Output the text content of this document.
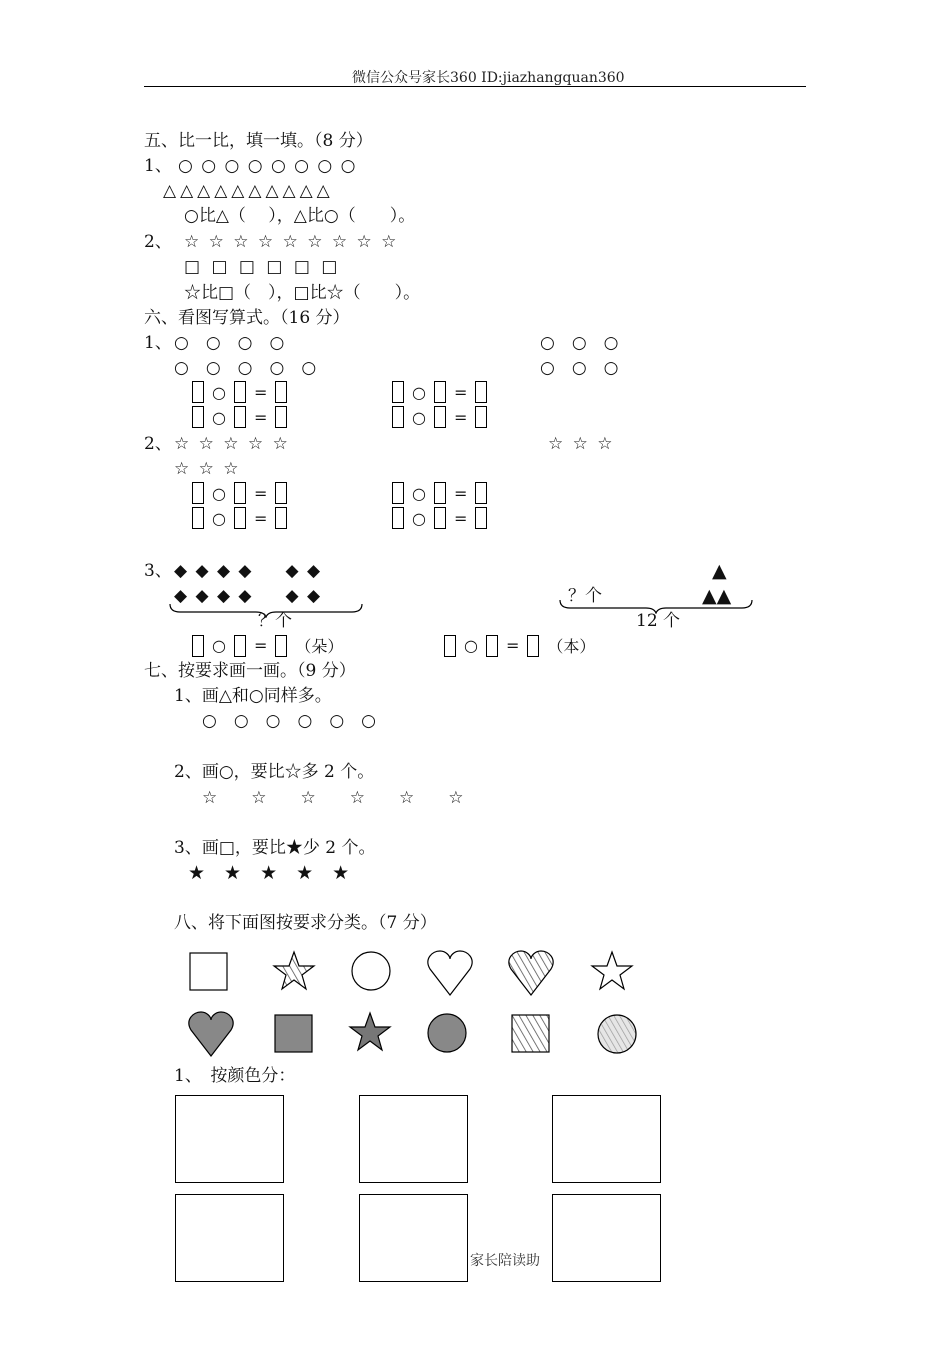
微信公众号家长360 ID:jiazhangquan360
五、比一比，填一填。（8 分）
1、 ○ ○ ○ ○ ○ ○ ○ ○
△△△△△△△△△△
○比△（　 ），△比○（　　）。
2、 ☆ ☆ ☆ ☆ ☆ ☆ ☆ ☆ ☆
□ □ □ □ □ □
☆比□（　），□比☆（　　）。
六、看图写算式。（16 分）
1、 ○　○　○　○
○　○　○　○　○
○　○　○
○　○　○
○ =
○ =
○ =
○ =
2、 ☆ ☆ ☆ ☆ ☆
☆ ☆ ☆
☆ ☆ ☆
○ =
○ =
○ =
○ =
3、 ◆ ◆ ◆ ◆　　◆ ◆
◆ ◆ ◆ ◆　　◆ ◆
？个
▲
▲▲
？个
12 个
○ = （朵）	○ = （本）
七、按要求画一画。（9 分）
1、画△和○同样多。
○　○　○　○　○　○
2、画○，要比☆多 2 个。
☆　　☆　　☆　　☆　　☆　　☆
3、画□，要比★少 2 个。
★　★　★　★　★
八、将下面图按要求分类。（7 分）
1、　按颜色分：
家长陪读助
